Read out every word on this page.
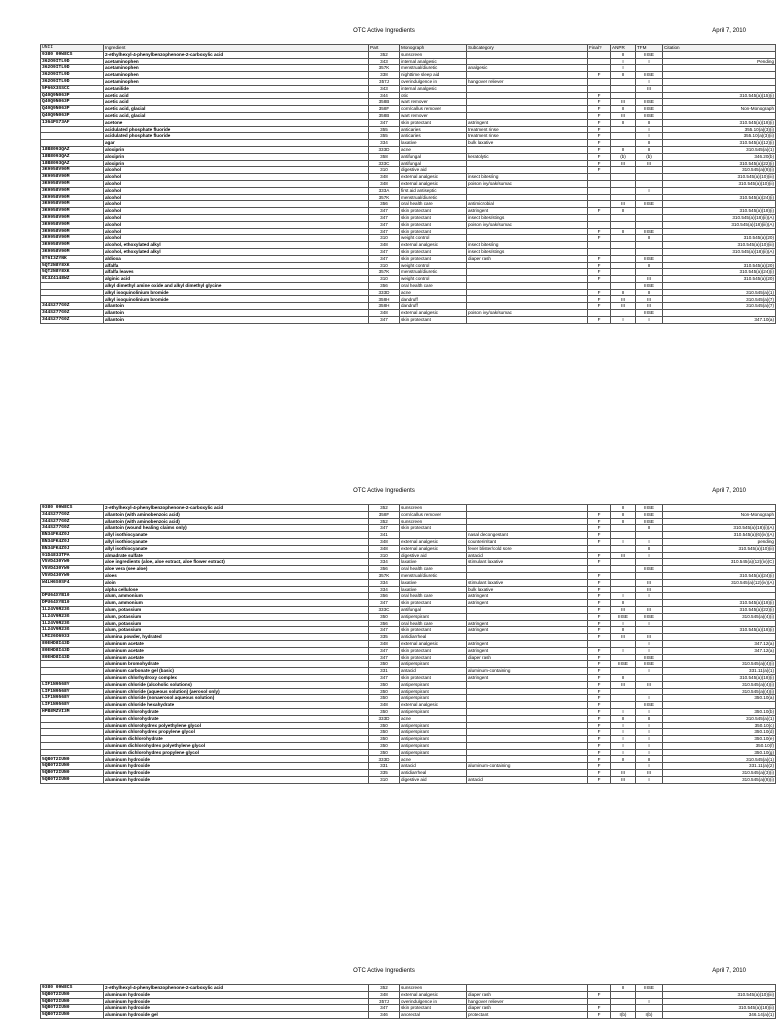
OTC Active Ingredients	April 7, 2010
UNII	Ingredient	Part	Monograph	Subcategory	Final?	ANPR	TFM	Citation
9380 09W8CS	2-ethylhexyl-4-phenylbenzophenone-2-carboxylic acid	352	sunscreen			II	IIISE	
362O9ITL9D	acetaminophen	343	internal analgesic			I	I	Pending
362O9ITL9D	acetaminophen	357K	menstrual/diuretic	analgesic		I		
362O9ITL9D	acetaminophen	338	nighttime sleep aid		F	II	IIISE	
362O9ITL9D	acetaminophen	357J	overindulgence in	hangover reliever			I	
5P66X3SSCC	acetanilide	343	internal analgesic				III	
Q40Q9N063P	acetic acid	344	otic		F			310.545(a)(15)(i)
Q40Q9N063P	acetic acid	358B	wart remover		F	III	IIISE	
Q40Q9N063P	acetic acid, glacial	358F	corn/callus remover		F	II	IIISE	Non-Monograph
Q40Q9N063P	acetic acid, glacial	358B	wart remover		F	III	IIISE	
1364PS73AF	acetone	347	skin protectant	astringent	F	II	II	310.545(a)(18)(i)
	acidulated phosphate fluoride	355	anticaries	treatment rinse	F		I	355.10(a)(3)(i)
	acidulated phosphate fluoride	355	anticaries	treatment rinse	F		I	355.10(a)(3)(ii)
	agar	334	laxative	bulk laxative	F		II	310.545(a)(12)(i)
18B8093QAZ	aloxiprin	333D	acne		F	II	II	310.545(a)(1)
18B8093QAZ	aloxiprin	358	antifungal	keratolytic	F	(b)	(b)	346.20(b)
18B8093QAZ	aloxiprin	333C	antifungal		F	III	III	310.545(a)(22)(i)
3K9958V90M	alcohol	310	digestive aid		F			310.545(a)(8)(i)
3K9958V90M	alcohol	348	external analgesic	insect bites/ing				310.545(a)(10)(iii)
3K9958V90M	alcohol	348	external analgesic	poison ivy/oak/sumac				310.545(a)(10)(ii)
3K9958V90M	alcohol	333A	first aid antiseptic				I	
3K9958V90M	alcohol	357K	menstrual/diuretic					310.545(a)(24)(i)
3K9958V90M	alcohol	356	oral health care	antimicrobial		III	IIISE	
3K9958V90M	alcohol	347	skin protectant	astringent	F	II		310.545(a)(18)(i)
3K9958V90M	alcohol	347	skin protectant	insect bites/stings				310.545(a)(18)(ii)(A)
3K9958V90M	alcohol	347	skin protectant	poison ivy/oak/sumac				310.545(a)(18)(iii)(A)
3K9958V90M	alcohol	347	skin protectant		F	II	IIISE	
3K9958V90M	alcohol	310	weight control		F		II	310.545(a)(20)
3K9958V90M	alcohol, ethoxylated alkyl	348	external analgesic	insect bites/ing				310.545(a)(10)(iii)
3K9958V90M	alcohol, ethoxylated alkyl	347	skin protectant	insect bites/stings				310.545(a)(18)(ii)(A)
8T6I3ZYNK	aldioxa	347	skin protectant	diaper rash	F		IIISE	
5QT2N8Y8XK	alfalfa	310	weight control		F		II	310.545(a)(20)
5QT2N8Y8XK	alfalfa leaves	357K	menstrual/diuretic		F			310.545(a)(24)(i)
8C3Z4148WZ	alginic acid	310	weight control		F		III	310.545(a)(20)
	alkyl dimethyl amine oxide and alkyl dimethyl glycine	356	oral health care				IIISE	
	alkyl isoquinolinium bromide	333D	acne		F	II	II	310.545(a)(1)
	alkyl isoquinolinium bromide	358H	dandruff		F	III	III	310.545(a)(7)
344S277G0Z	allantoin	358H	dandruff		F	III	III	310.545(a)(7)
344S277G0Z	allantoin	348	external analgesic	poison ivy/oak/sumac			IIISE	
344S277G0Z	allantoin	347	skin protectant		F	I	I	347.10(a)
OTC Active Ingredients	April 7, 2010
9380 09W8CS	2-ethylhexyl-4-phenylbenzophenone-2-carboxylic acid	352	sunscreen			II	IIISE	
344S277G0Z	allantoin (with aminobenzoic acid)	358F	corn/callus remover		F	II	IIISE	Non-Monograph
344S277G0Z	allantoin (with aminobenzoic acid)	352	sunscreen		F	II	IIISE	
344S277G0Z	allantoin (wound healing claims only)	347	skin protectant		F		II	310.545(a)(18)(i)(A)
BN34FK4Z0J	allyl isothiocyanate	341		nasal decongestant	F			310.545(a)(6)(iv)(A)
BN34FK4Z0J	allyl isothiocyanate	348	external analgesic	counterirritant	F	I	I	pending
BN34FK4Z0J	allyl isothiocyanate	348	external analgesic	fever blister/cold sore			II	310.545(a)(10)(ii)
91D4833TPA	almadrate sulfate	310	digestive aid	antacid	F	III	I	
V5VD430YW9	aloe ingredients (aloe, aloe extract, aloe flower extract)	334	laxative	stimulant laxative	F			310.545(a)(12)(iv)(C)
V5VD430YW9	aloe vera (see aloe)	356	oral health care				IIISE	
V5VD430YW9	aloes	357K	menstrual/diuretic		F			310.545(a)(24)(i)
W4LH6S0SF4	aloin	334	laxative	stimulant laxative	F		III	310.545(a)(12)(iv)(A)
	alpha cellulose	334	laxative	bulk laxative	F		III	
DPU64XYB10	alum, ammonium	356	oral health care	astringent	F	I	I	
DPU64XYB10	alum, ammonium	347	skin protectant	astringent	F	II		310.545(a)(18)(i)
1L24V9R23G	alum, potassium	333C	antifungal		F	III	III	310.545(a)(22)(i)
1L24V9R23G	alum, potassium	350	antiperspirant		F	IIISE	IIISE	310.545(a)(4)(i)
1L24V9R23G	alum, potassium	356	oral health care	astringent	F	I	I	
1L24V9R23G	alum, potassium	347	skin protectant	astringent	F	II		310.545(a)(18)(i)
LMI26O6933	alumina powder, hydrated	335	antidiarrheal		F	III	III	
80EHD8I43D	aluminum acetate	348	external analgesic	astringent			I	347.12(a)
80EHD8I43D	aluminum acetate	347	skin protectant	astringent	F	I	I	347.12(a)
80EHD8I43D	aluminum acetate	347	skin protectant	diaper rash	F		IIISE	
	aluminum bromohydrate	350	antiperspirant		F	IIISE	IIISE	310.545(a)(4)(i)
	aluminum carbonate gel (basic)	331	antacid	aluminum-containing	F		I	331.11(a)(1)
	aluminum chlorhydroxy complex	347	skin protectant	astringent	F	II		310.545(a)(18)(i)
LIF1N9568Y	aluminum chloride (alcoholic solutions)	350	antiperspirant		F	III	III	310.545(a)(4)(i)
LIF1N9568Y	aluminum chloride (aqueous solution) (aerosol only)	350	antiperspirant		F			310.545(a)(4)(i)
LIF1N9568Y	aluminum chloride (nonaerosol aqueous solution)	350	antiperspirant		F		I	350.10(a)
LIF1N9568Y	aluminum chloride hexahydrate	348	external analgesic		F		IIISE	
HPB8MZVI3M	aluminum chlorohydrate	350	antiperspirant		F	I	I	350.10(b)
	aluminum chlorohydrate	333D	acne		F	II	II	310.545(a)(1)
	aluminum chlorohydrex polyethylene glycol	350	antiperspirant		F	I	I	350.10(c)
	aluminum chlorohydrex propylene glycol	350	antiperspirant		F	I	I	350.10(d)
	aluminum dichlorohydrate	350	antiperspirant		F	I	I	350.10(e)
	aluminum dichlorohydrex polyethylene glycol	350	antiperspirant		F	I	I	350.10(f)
	aluminum dichlorohydrex propylene glycol	350	antiperspirant		F	I	I	350.10(g)
5QB0T2IUN0	aluminum hydroxide	333D	acne		F	II	II	310.545(a)(1)
5QB0T2IUN0	aluminum hydroxide	331	antacid	aluminum-containing	F		I	331.11(a)(2)
5QB0T2IUN0	aluminum hydroxide	335	antidiarrheal		F	III	III	310.545(a)(3)(i)
5QB0T2IUN0	aluminum hydroxide	310	digestive aid	antacid	F	III	I	310.545(a)(8)(i)
OTC Active Ingredients	April 7, 2010
9380 09W8CS	2-ethylhexyl-4-phenylbenzophenone-2-carboxylic acid	352	sunscreen			II	IIISE	
5QB0T2IUN0	aluminum hydroxide	348	external analgesic	diaper rash	F			310.545(a)(10)(iii)
5QB0T2IUN0	aluminum hydroxide	357J	overindulgence in	hangover reliever			I	
5QB0T2IUN0	aluminum hydroxide	347	skin protectant	diaper rash	F			310.545(a)(18)(ii)
5QB0T2IUN0	aluminum hydroxide gel	346	anorectal	protectant	F	I(b)	I(b)	346.14(a)(1)
